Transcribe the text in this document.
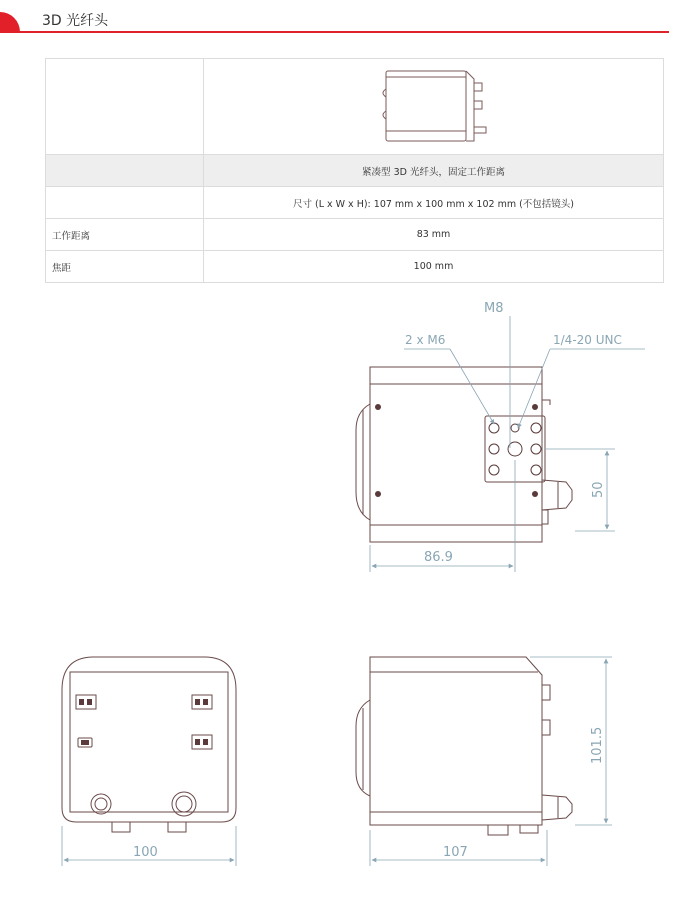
3D 光纤头

	紧凑型 3D 光纤头，固定工作距离
	尺寸 (L x W x H): 107 mm x 100 mm x 102 mm (不包括镜头)
工作距离	83 mm
焦距	100 mm
M8
2 x M6	1/4-20 UNC
86.9
50
100	107
101.5
